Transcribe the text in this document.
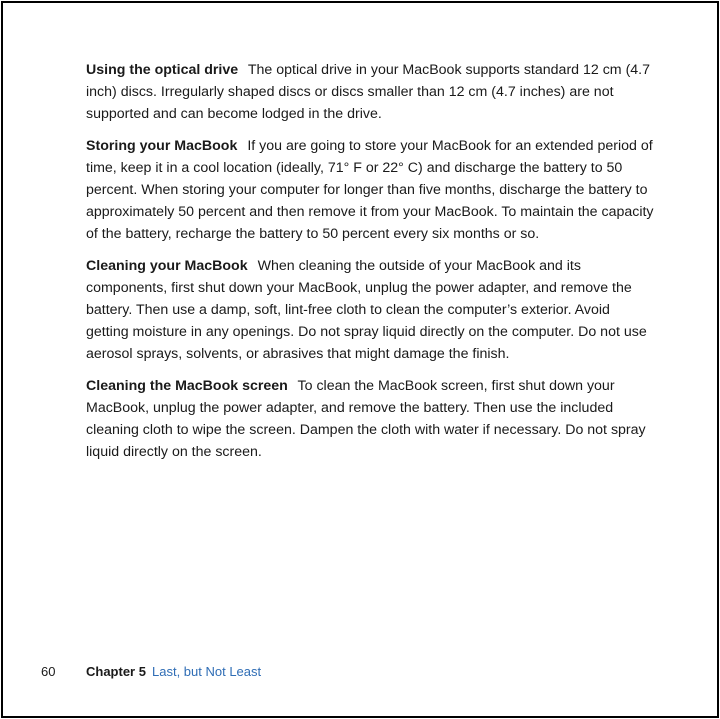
Using the optical drive The optical drive in your MacBook supports standard 12 cm (4.7 inch) discs. Irregularly shaped discs or discs smaller than 12 cm (4.7 inches) are not supported and can become lodged in the drive.

Storing your MacBook If you are going to store your MacBook for an extended period of time, keep it in a cool location (ideally, 71° F or 22° C) and discharge the battery to 50 percent. When storing your computer for longer than five months, discharge the battery to approximately 50 percent and then remove it from your MacBook. To maintain the capacity of the battery, recharge the battery to 50 percent every six months or so.

Cleaning your MacBook When cleaning the outside of your MacBook and its components, first shut down your MacBook, unplug the power adapter, and remove the battery. Then use a damp, soft, lint-free cloth to clean the computer’s exterior. Avoid getting moisture in any openings. Do not spray liquid directly on the computer. Do not use aerosol sprays, solvents, or abrasives that might damage the finish.

Cleaning the MacBook screen To clean the MacBook screen, first shut down your MacBook, unplug the power adapter, and remove the battery. Then use the included cleaning cloth to wipe the screen. Dampen the cloth with water if necessary. Do not spray liquid directly on the screen.

60 Chapter 5 Last, but Not Least
